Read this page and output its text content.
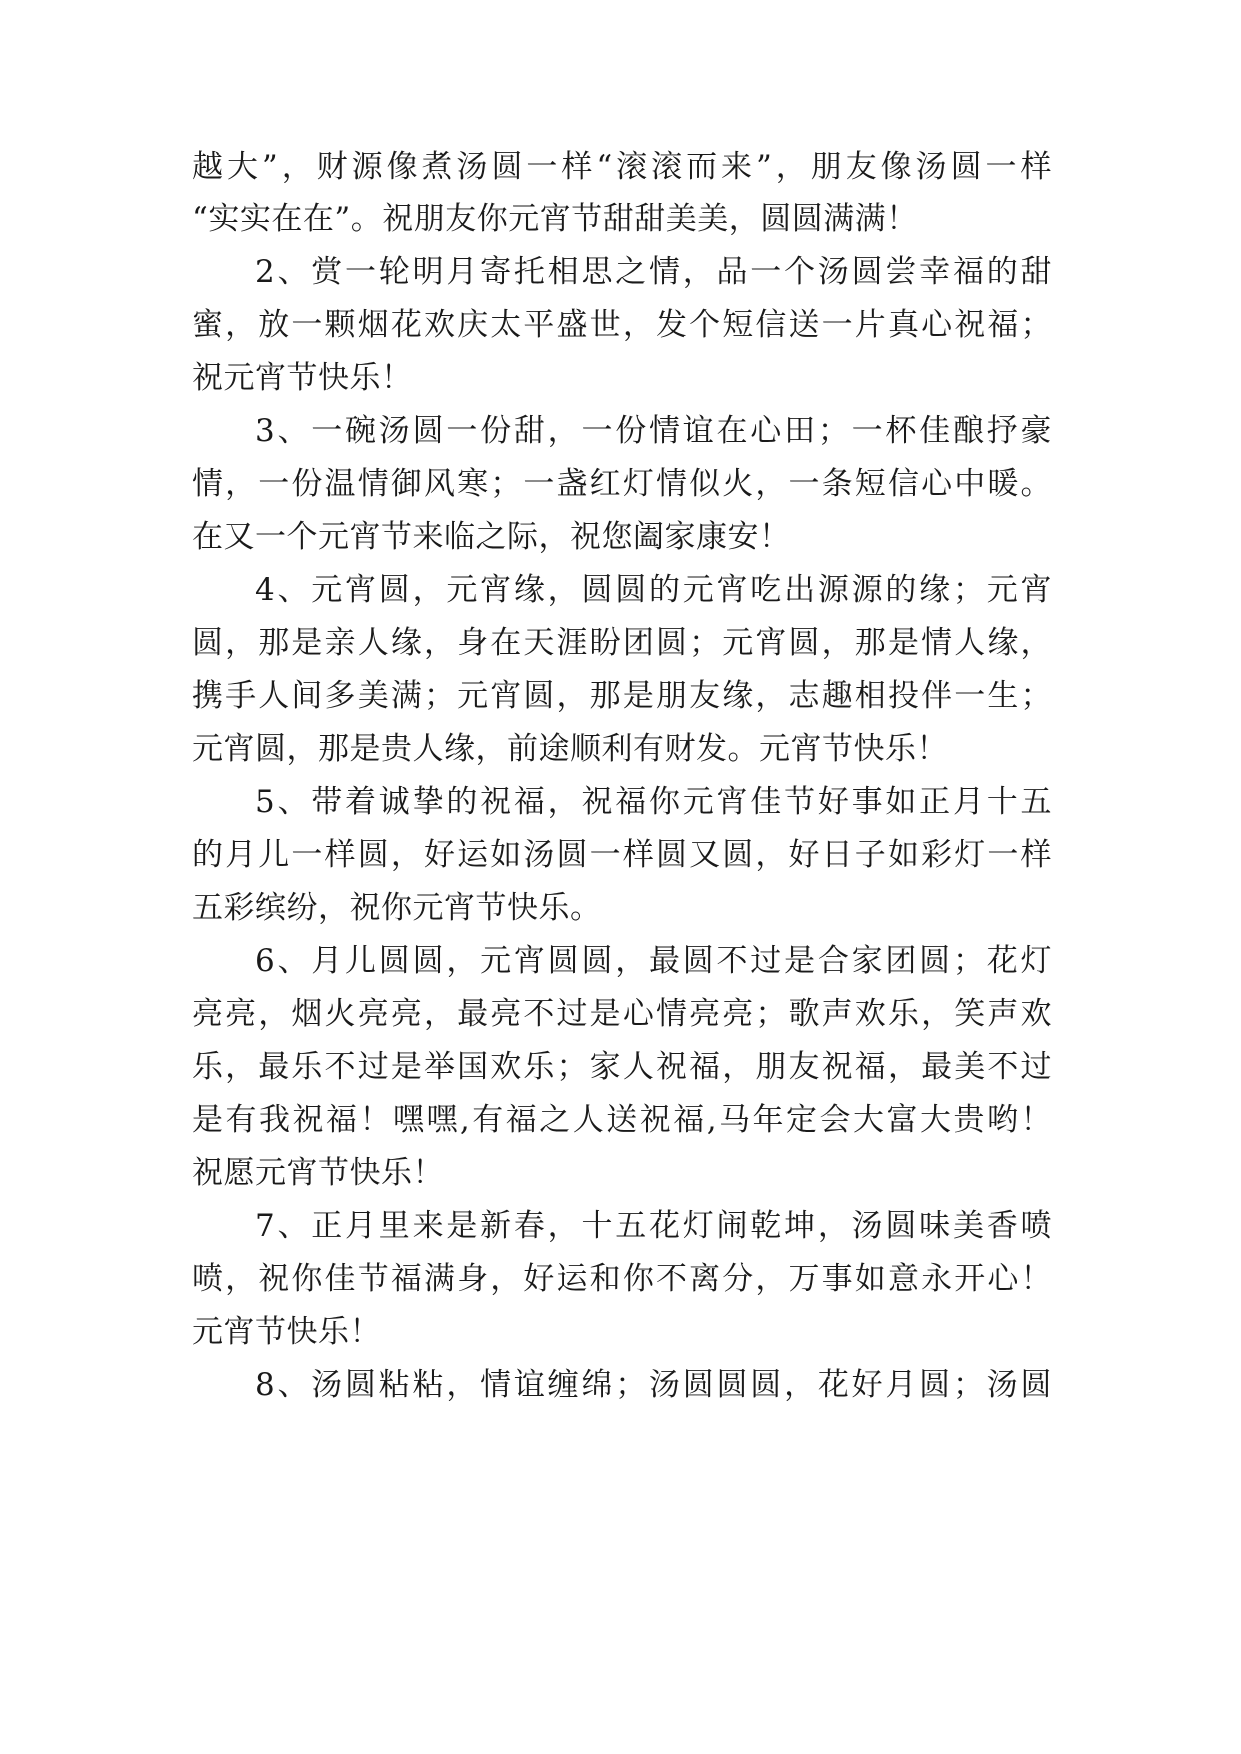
越大”，财源像煮汤圆一样“滚滚而来”，朋友像汤圆一样
“实实在在”。祝朋友你元宵节甜甜美美，圆圆满满！
2、赏一轮明月寄托相思之情，品一个汤圆尝幸福的甜
蜜，放一颗烟花欢庆太平盛世，发个短信送一片真心祝福；
祝元宵节快乐！
3、一碗汤圆一份甜，一份情谊在心田；一杯佳酿抒豪
情，一份温情御风寒；一盏红灯情似火，一条短信心中暖。
在又一个元宵节来临之际，祝您阖家康安！
4、元宵圆，元宵缘，圆圆的元宵吃出源源的缘；元宵
圆，那是亲人缘，身在天涯盼团圆；元宵圆，那是情人缘，
携手人间多美满；元宵圆，那是朋友缘，志趣相投伴一生；
元宵圆，那是贵人缘，前途顺利有财发。元宵节快乐！
5、带着诚挚的祝福，祝福你元宵佳节好事如正月十五
的月儿一样圆，好运如汤圆一样圆又圆，好日子如彩灯一样
五彩缤纷，祝你元宵节快乐。
6、月儿圆圆，元宵圆圆，最圆不过是合家团圆；花灯
亮亮，烟火亮亮，最亮不过是心情亮亮；歌声欢乐，笑声欢
乐，最乐不过是举国欢乐；家人祝福，朋友祝福，最美不过
是有我祝福！嘿嘿,有福之人送祝福,马年定会大富大贵哟！
祝愿元宵节快乐！
7、正月里来是新春，十五花灯闹乾坤，汤圆味美香喷
喷，祝你佳节福满身，好运和你不离分，万事如意永开心！
元宵节快乐！
8、汤圆粘粘，情谊缠绵；汤圆圆圆，花好月圆；汤圆
